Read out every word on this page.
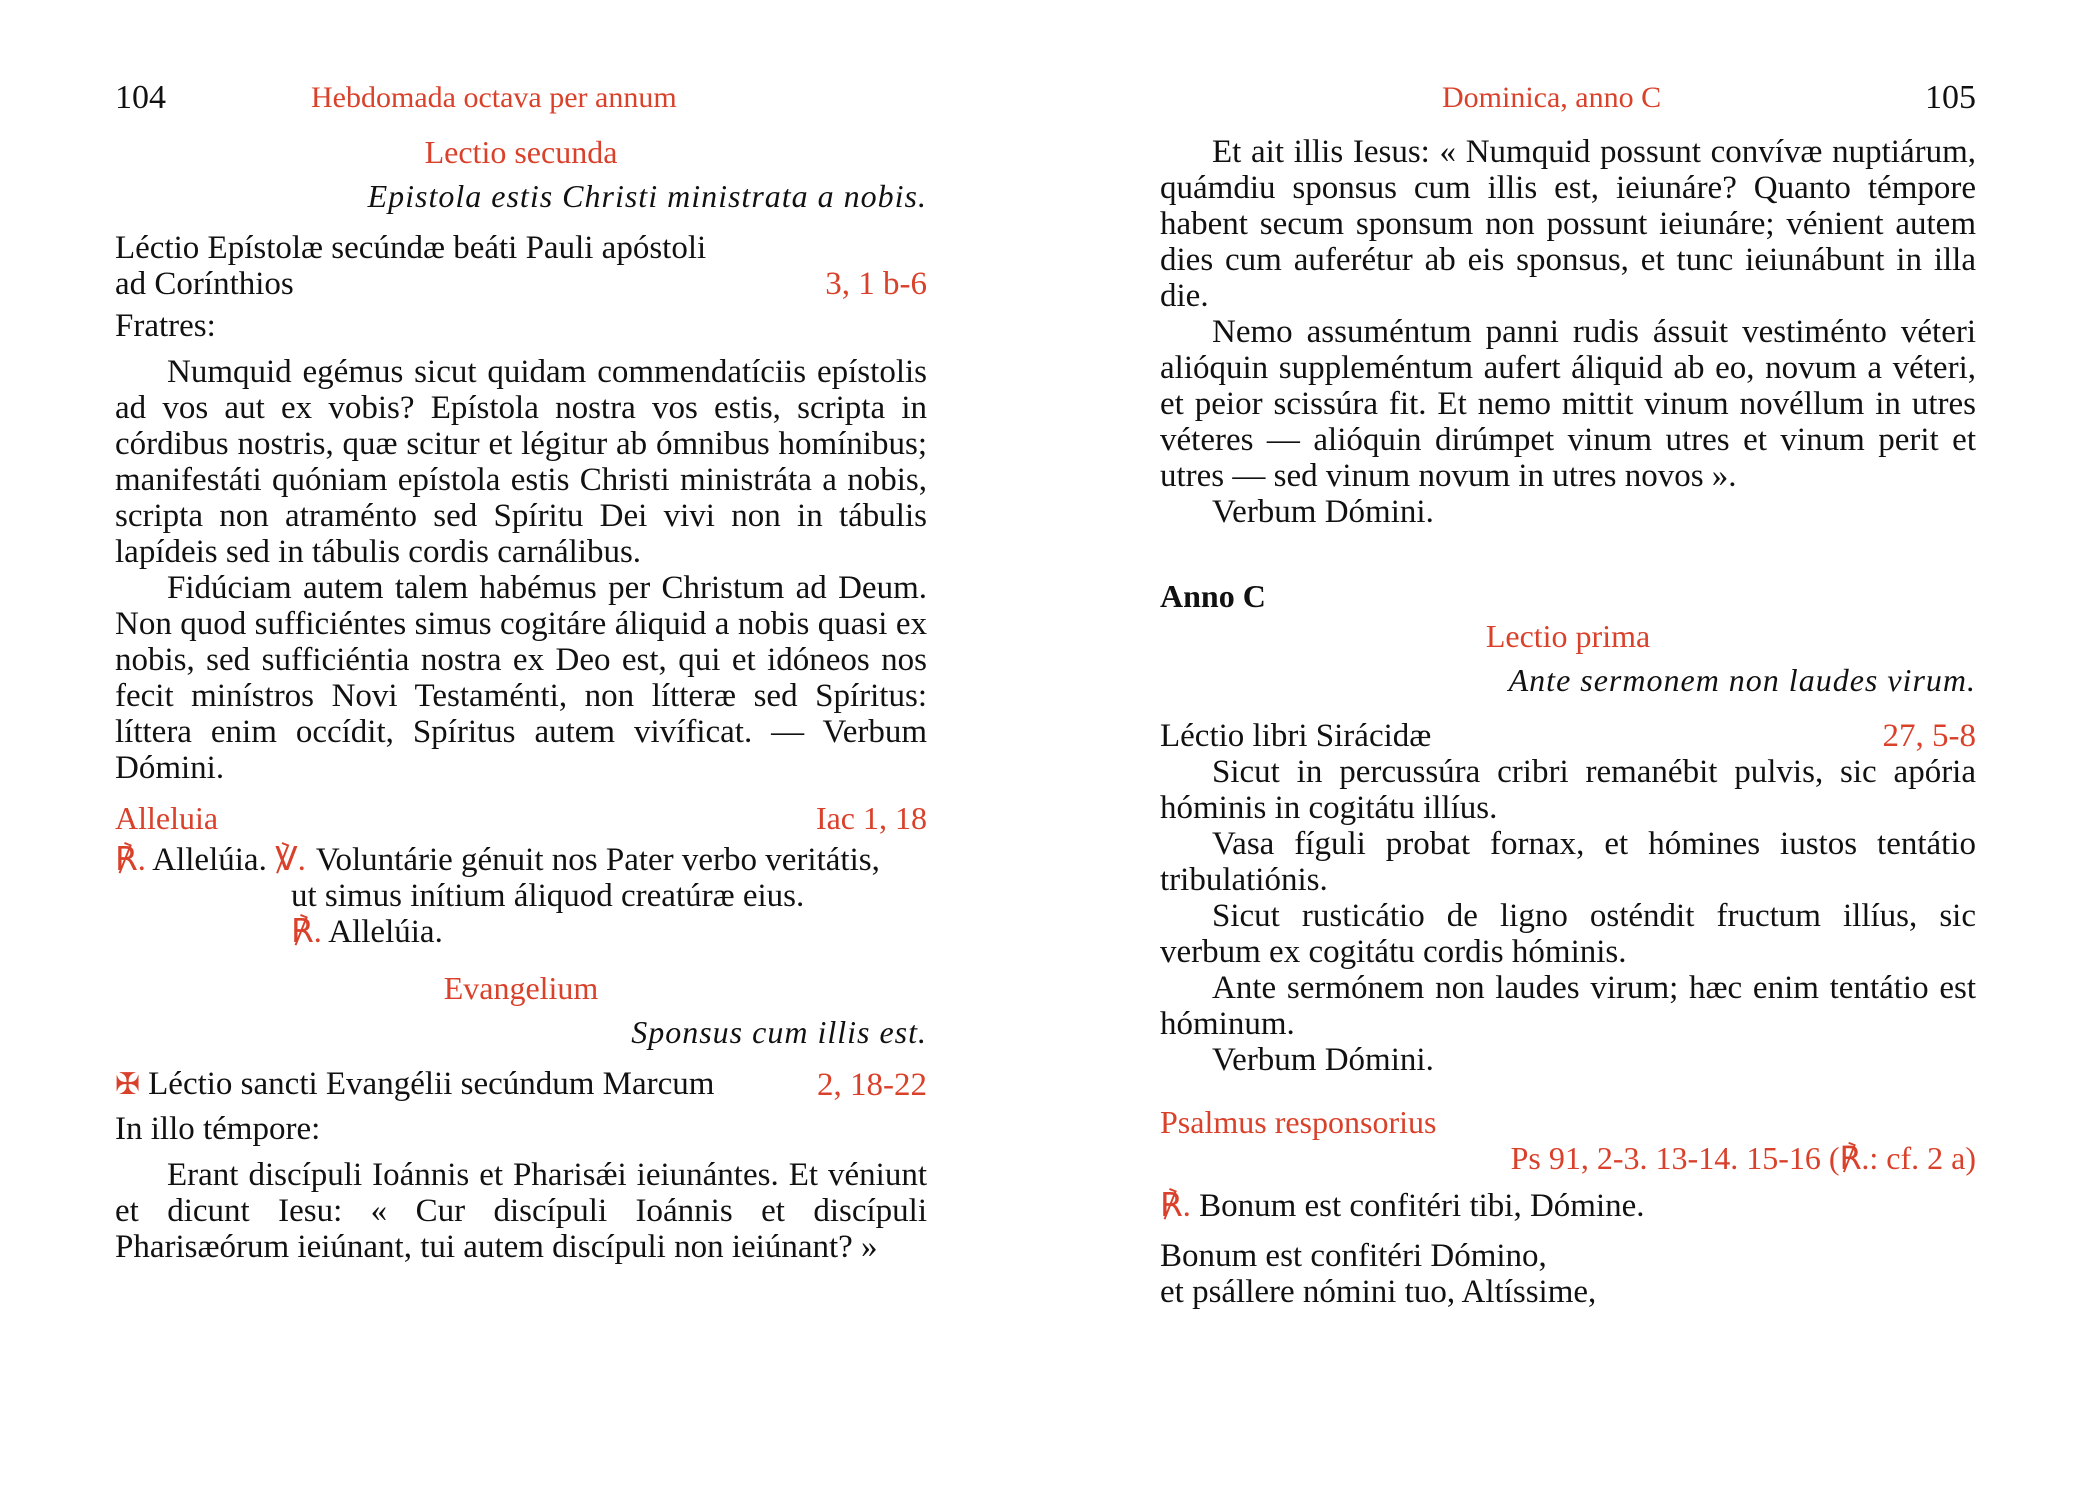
104	Hebdomada octava per annum
Lectio secunda
Epistola estis Christi ministrata a nobis.
Léctio Epístolæ secúndæ beáti Pauli apóstoli
ad Corínthios	3, 1 b-6
Fratres:

Numquid egémus sicut quidam commendatíciis epístolis ad vos aut ex vobis? Epístola nostra vos estis, scripta in córdibus nostris, quæ scitur et légitur ab ómnibus homínibus; manifestáti quóniam epístola estis Christi ministráta a nobis, scripta non atraménto sed Spíritu Dei vivi non in tábulis lapídeis sed in tábulis cordis carnálibus.

Fidúciam autem talem habémus per Christum ad Deum. Non quod sufficiéntes simus cogitáre áliquid a nobis quasi ex nobis, sed sufficiéntia nostra ex Deo est, qui et idóneos nos fecit minístros Novi Testaménti, non lítteræ sed Spíritus: líttera enim occídit, Spíritus autem vivíficat. — Verbum Dómini.

Alleluia	Iac 1, 18
℟. Allelúia. ℣. Voluntárie génuit nos Pater verbo veritátis,
ut simus inítium áliquod creatúræ eius.
℟. Allelúia.
Evangelium
Sponsus cum illis est.
✠ Léctio sancti Evangélii secúndum Marcum	2, 18-22
In illo témpore:

Erant discípuli Ioánnis et Pharisǽi ieiunántes. Et véniunt et dicunt Iesu: « Cur discípuli Ioánnis et discípuli Pharisæórum ieiúnant, tui autem discípuli non ieiúnant? »

Dominica, anno C	105

Et ait illis Iesus: « Numquid possunt convívæ nuptiárum, quámdiu sponsus cum illis est, ieiunáre? Quanto témpore habent secum sponsum non possunt ieiunáre; vénient autem dies cum auferétur ab eis sponsus, et tunc ieiunábunt in illa die.

Nemo assuméntum panni rudis ássuit vestiménto véteri alióquin suppleméntum aufert áliquid ab eo, novum a véteri, et peior scissúra fit. Et nemo mittit vinum novéllum in utres véteres — alióquin dirúmpet vinum utres et vinum perit et utres — sed vinum novum in utres novos ».

Verbum Dómini.

Anno C
Lectio prima
Ante sermonem non laudes virum.
Léctio libri Sirácidæ	27, 5-8

Sicut in percussúra cribri remanébit pulvis, sic apória hóminis in cogitátu illíus.

Vasa fíguli probat fornax, et hómines iustos tentátio tribulatiónis.

Sicut rusticátio de ligno osténdit fructum illíus, sic verbum ex cogitátu cordis hóminis.

Ante sermónem non laudes virum; hæc enim tentátio est hóminum.

Verbum Dómini.

Psalmus responsorius
Ps 91, 2-3. 13-14. 15-16 (℟.: cf. 2 a)
℟. Bonum est confitéri tibi, Dómine.
Bonum est confitéri Dómino,
et psállere nómini tuo, Altíssime,
